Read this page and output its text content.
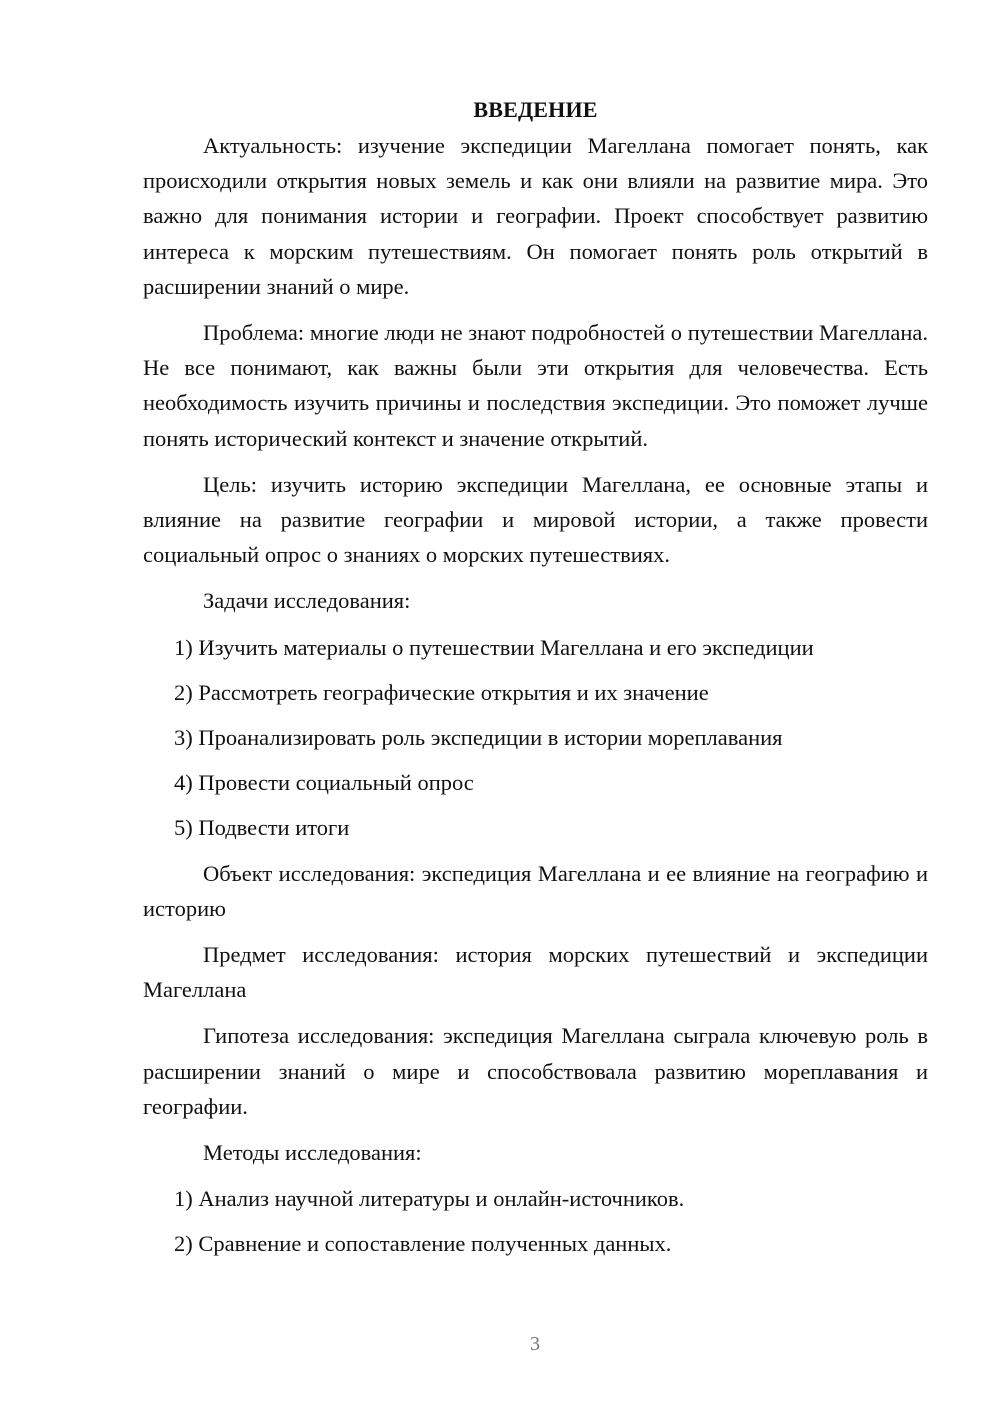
ВВЕДЕНИЕ

Актуальность: изучение экспедиции Магеллана помогает понять, как происходили открытия новых земель и как они влияли на развитие мира. Это важно для понимания истории и географии. Проект способствует развитию интереса к морским путешествиям. Он помогает понять роль открытий в расширении знаний о мире.

Проблема: многие люди не знают подробностей о путешествии Магеллана. Не все понимают, как важны были эти открытия для человечества. Есть необходимость изучить причины и последствия экспедиции. Это поможет лучше понять исторический контекст и значение открытий.

Цель: изучить историю экспедиции Магеллана, ее основные этапы и влияние на развитие географии и мировой истории, а также провести социальный опрос о знаниях о морских путешествиях.

Задачи исследования:

1) Изучить материалы о путешествии Магеллана и его экспедиции
2) Рассмотреть географические открытия и их значение
3) Проанализировать роль экспедиции в истории мореплавания
4) Провести социальный опрос
5) Подвести итоги

Объект исследования: экспедиция Магеллана и ее влияние на географию и историю

Предмет исследования: история морских путешествий и экспедиции Магеллана

Гипотеза исследования: экспедиция Магеллана сыграла ключевую роль в расширении знаний о мире и способствовала развитию мореплавания и географии.

Методы исследования:

1) Анализ научной литературы и онлайн-источников.
2) Сравнение и сопоставление полученных данных.
3
